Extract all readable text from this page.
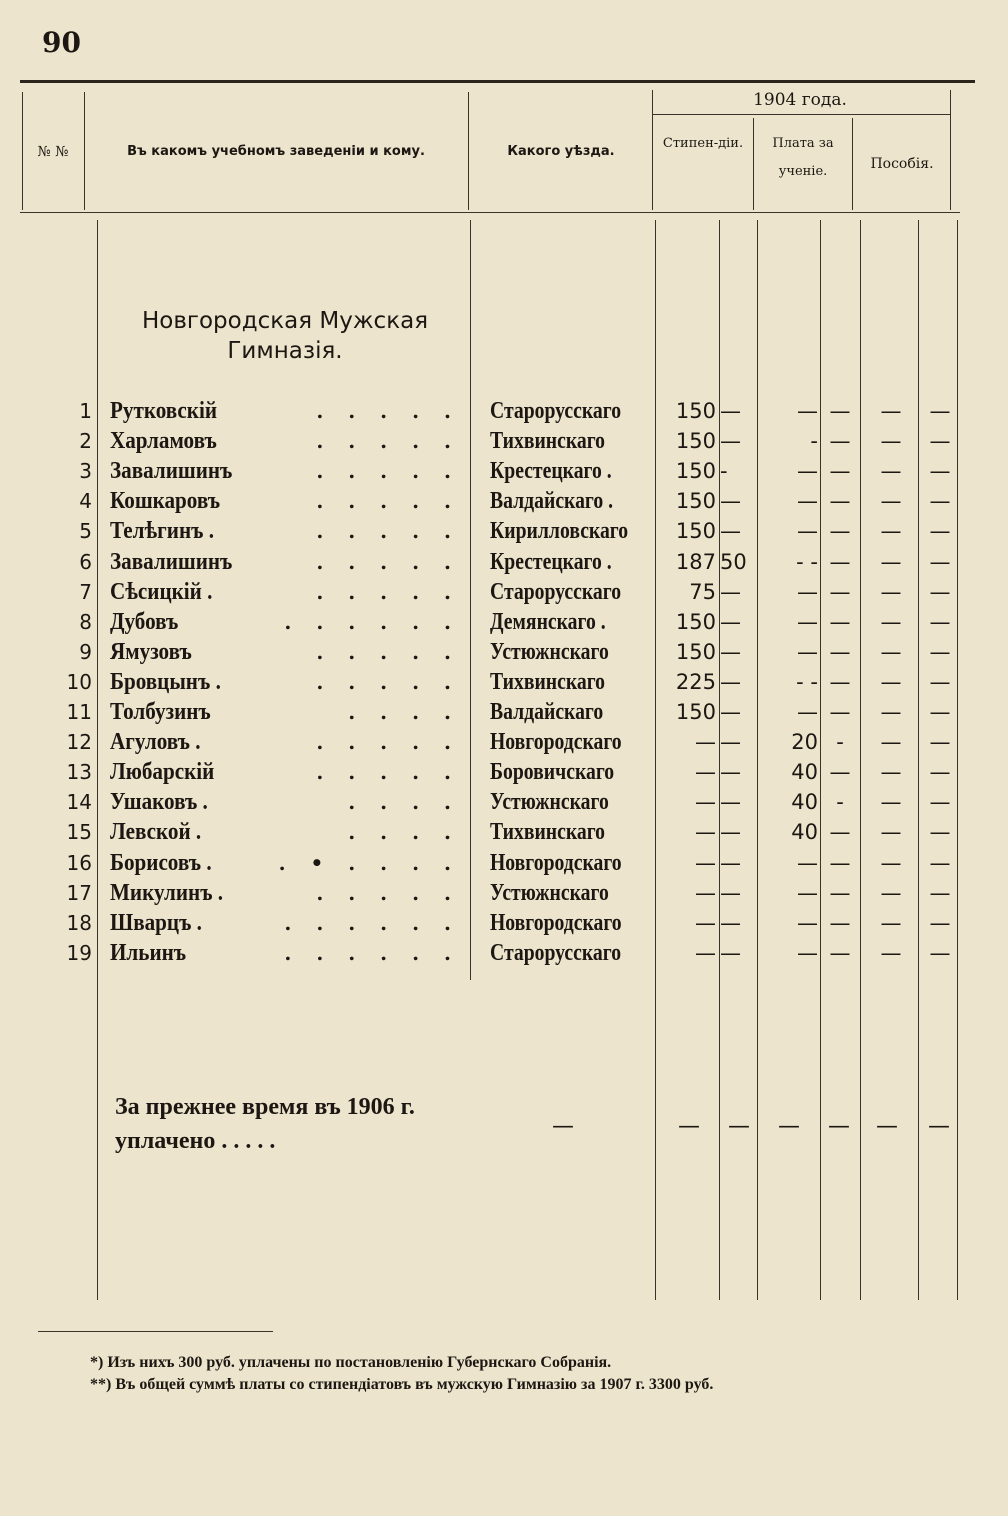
90
№ №	Въ какомъ учебномъ заведеніи и кому.	Какого уѣзда.
1904 года.
Стипен-діи.	Плата за ученіе.	Пособія.
Новгородская Мужская Гимназія.
1 Рутковскій	. . . . . Старорусскаго	150 —	— —	—	—
2 Харламовъ	. . . . . Тихвинскаго	150 —	- —	—	—
3 Завалишинъ	. . . . . Крестецкаго .	150 -	— —	—	—
4 Кошкаровъ	. . . . . Валдайскаго .	150 —	— —	—	—
5 Телѣгинъ .	. . . . . Кирилловскаго	150 —	— —	—	—
6 Завалишинъ	. . . . . Крестецкаго .	187 50	- - —	—	—
7 Сѣсицкій .	. . . . . Старорусскаго	75 —	— —	—	—
8 Дубовъ	. . . . . . Демянскаго .	150 —	— —	—	—
9 Ямузовъ	. . . . . Устюжнскаго	150 —	— —	—	—
10 Бровцынъ .	. . . . . Тихвинскаго	225 —	- - —	—	—
11 Толбузинъ	. . . . Валдайскаго	150 —	— —	—	—
12 Агуловъ .	. . . . . Новгородскаго	— —	20 -	—	—
13 Любарскій	. . . . . Боровичскаго	— —	40 —	—	—
14 Ушаковъ .	. . . . Устюжнскаго	— —	40 -	—	—
15 Левской .	. . . . Тихвинскаго	— —	40 —	—	—
16 Борисовъ .	. • . . . . Новгородскаго	— —	— —	—	—
17 Микулинъ .	. . . . . Устюжнскаго	— —	— —	—	—
18 Шварцъ .	. . . . . . Новгородскаго	— —	— —	—	—
19 Ильинъ	. . . . . . Старорусскаго	— —	— —	—	—
За прежнее время въ 1906 г.
уплачено . . . . .
—	— — — — — —
*) Изъ нихъ 300 руб. уплачены по постановленію Губернскаго Собранія.
**) Въ общей суммѣ платы со стипендіатовъ въ мужскую Гимназію за 1907 г. 3300 руб.
